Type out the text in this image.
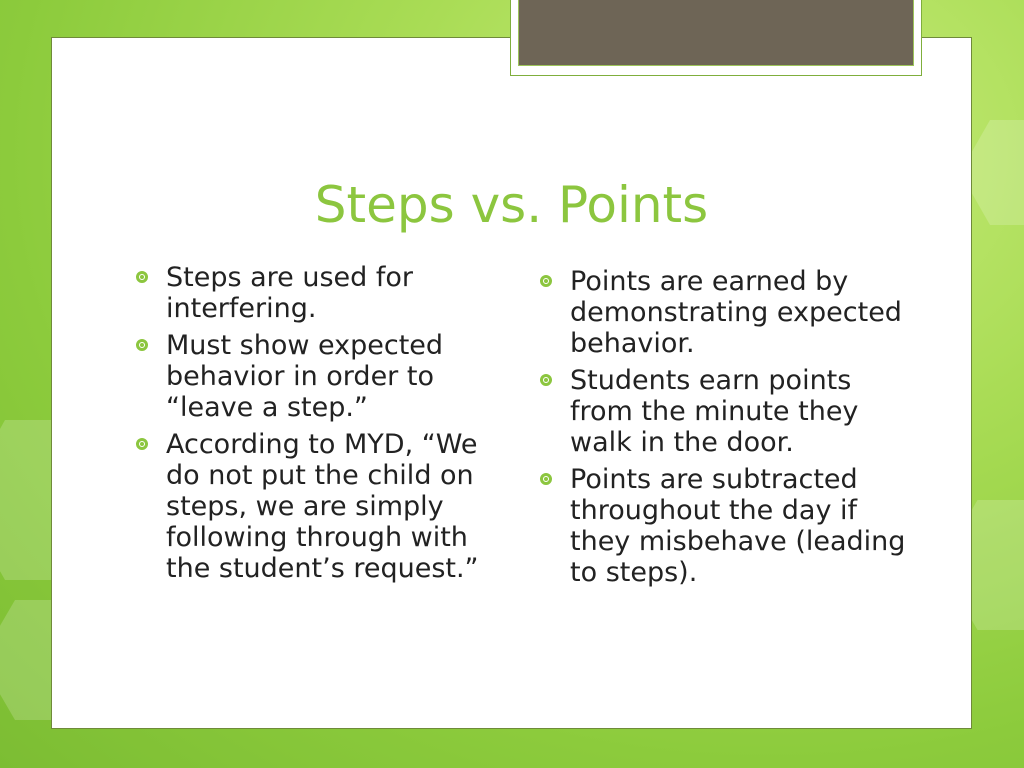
Steps vs. Points
Steps are used for interfering.
Must show expected behavior in order to “leave a step.”
According to MYD, “We do not put the child on steps, we are simply following through with the student’s request.”
Points are earned by demonstrating expected behavior.
Students earn points from the minute they walk in the door.
Points are subtracted throughout the day if they misbehave (leading to steps).
